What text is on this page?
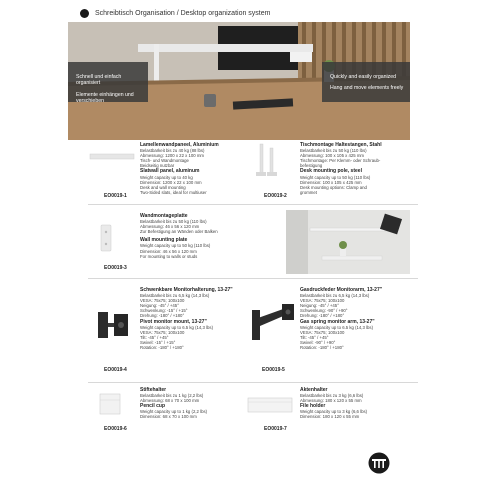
Schreibtisch Organisation / Desktop organization system
Schnell und einfach organisiert
Elemente einhängen und verschieben
Quickly and easily organized
Hang and move elements freely
EO0019-1
Lamellenwandpaneel, Aluminium
Belastbarkeit bis zu 40 kg (88 lbs)
Abmessung: 1200 x 22 x 100 mm
Tisch- und Wandmontage
Beidseitig nutzbar
Slatwall panel, aluminum
Weight capacity up to 40 kg
Dimension: 1200 x 22 x 100 mm
Desk and wall mounting
Two-Sided slats, ideal for multiuser
EO0019-2
Tischmontage Haltestangen, Stahl
Belastbarkeit bis zu 50 kg (110 lbs)
Abmessung: 100 x 105 x 425 mm
Tischmontage: Per Klemm- oder Schraub-
befestigung
Desk mounting pole, steel
Weight capacity up to 50 kg (110 lbs)
Dimension: 100 x 105 x 425 mm
Desk mounting options: Clamp and
grommet
EO0019-3
Wandmontageplatte
Belastbarkeit bis zu 50 kg (110 lbs)
Abmessung: 46 x 56 x 120 mm
Zur Befestigung an Wänden oder Balken
Wall mounting plate
Weight capacity up to 50 kg (110 lbs)
Dimension: 46 x 56 x 120 mm
For mounting to walls or studs
EO0019-4
Schwenkbare Monitorhalterung, 13-27"
Belastbarkeit bis zu 6,5 kg (14,3 lbs)
VESA: 75x75; 100x100
Neigung: -45° / +45°
Schwenkung: -15° / +15°
Drehung: -180° / +180°
Pivot monitor mount, 13-27"
Weight capacity up to 6.5 kg (14,3 lbs)
VESA: 75x75; 100x100
Tilt: -45° / +45°
Swivel: -15° / +15°
Rotation: -180° / +180°
EO0019-5
Gasdruckfeder Monitorarm, 13-27"
Belastbarkeit bis zu 6,5 kg (14,3 lbs)
VESA: 75x75; 100x100
Neigung: -45° / +45°
Schwenkung: -90° / +90°
Drehung: -180° / +180°
Gas spring monitor arm, 13-27"
Weight capacity up to 6.5 kg (14,3 lbs)
VESA: 75x75; 100x100
Tilt: -45° / +45°
Swivel: -90° / +90°
Rotation: -180° / +180°
EO0019-6
Stiftehalter
Belastbarkeit bis zu 1 kg (2,2 lbs)
Abmessung: 68 x 70 x 100 mm
Pencil cup
Weight capacity up to 1 kg (2,2 lbs)
Dimension: 68 x 70 x 100 mm
EO0019-7
Aktenhalter
Belastbarkeit bis zu 3 kg (6,6 lbs)
Abmessung: 180 x 120 x 55 mm
File holder
Weight capacity up to 3 kg (6,6 lbs)
Dimension: 180 x 120 x 55 mm
